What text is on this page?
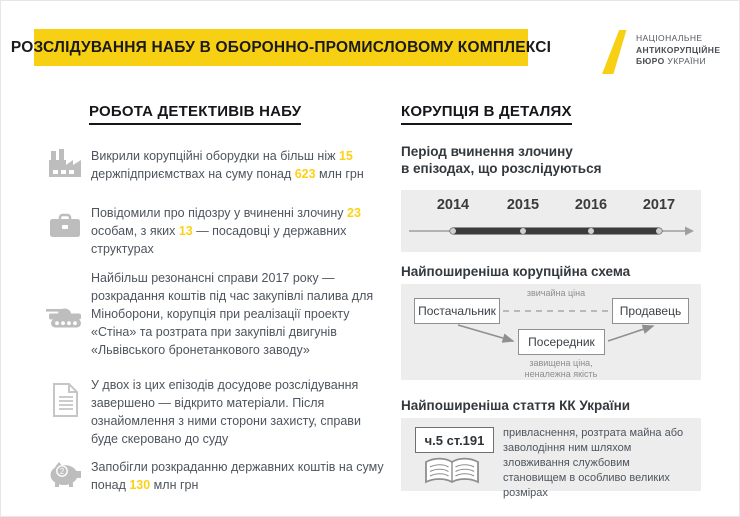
РОЗСЛІДУВАННЯ НАБУ В ОБОРОННО-ПРОМИСЛОВОМУ КОМПЛЕКСІ
НАЦІОНАЛЬНЕ
АНТИКОРУПЦІЙНЕ
БЮРО УКРАЇНИ
РОБОТА ДЕТЕКТИВІВ НАБУ
Викрили корупційні оборудки на більш ніж 15 держпідприємствах на суму понад 623 млн грн
Повідомили про підозру у вчиненні злочину 23 особам, з яких 13 — посадовці у державних структурах
Найбільш резонансні справи 2017 року — розкрадання коштів під час закупівлі палива для Міноборони, корупція при реалізації проекту «Стіна» та розтрата при закупівлі двигунів «Львівського бронетанкового заводу»
У двох із цих епізодів досудове розслідування завершено — відкрито матеріали. Після ознайомлення з ними сторони захисту, справи буде скеровано до суду
2 Запобігли розкраданню державних коштів на суму понад 130 млн грн
КОРУПЦІЯ В ДЕТАЛЯХ
Період вчинення злочину
в епізодах, що розслідуються
2014	2015	2016	2017
Найпоширеніша корупційна схема
звичайна ціна
Постачальник	Продавець
Посередник
завищена ціна,
неналежна якість
Найпоширеніша стаття КК України
ч.5 ст.191	привласнення, розтрата майна або заволодіння ним шляхом зловживання службовим становищем в особливо великих розмірах
